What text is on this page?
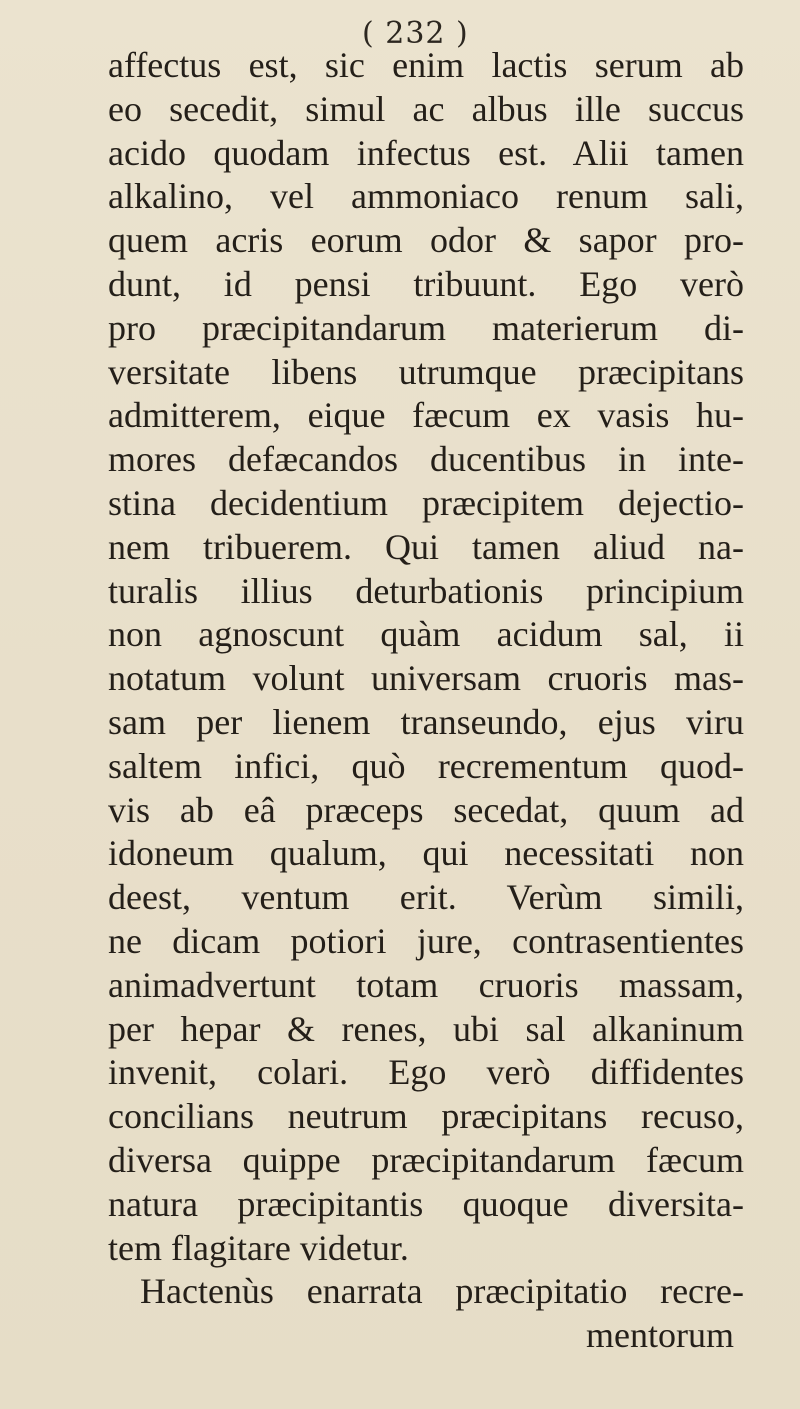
( 232 )
affectus est, sic enim lactis serum ab
eo secedit, simul ac albus ille succus
acido quodam infectus est. Alii tamen
alkalino, vel ammoniaco renum sali,
quem acris eorum odor & sapor pro-
dunt, id pensi tribuunt. Ego verò
pro præcipitandarum materierum di-
versitate libens utrumque præcipitans
admitterem, eique fæcum ex vasis hu-
mores defæcandos ducentibus in inte-
stina decidentium præcipitem dejectio-
nem tribuerem. Qui tamen aliud na-
turalis illius deturbationis principium
non agnoscunt quàm acidum sal, ii
notatum volunt universam cruoris mas-
sam per lienem transeundo, ejus viru
saltem infici, quò recrementum quod-
vis ab eâ præceps secedat, quum ad
idoneum qualum, qui necessitati non
deest, ventum erit. Verùm simili,
ne dicam potiori jure, contrasentientes
animadvertunt totam cruoris massam,
per hepar & renes, ubi sal alkaninum
invenit, colari. Ego verò diffidentes
concilians neutrum præcipitans recuso,
diversa quippe præcipitandarum fæcum
natura præcipitantis quoque diversita-
tem flagitare videtur.
Hactenùs enarrata præcipitatio recre-
mentorum
